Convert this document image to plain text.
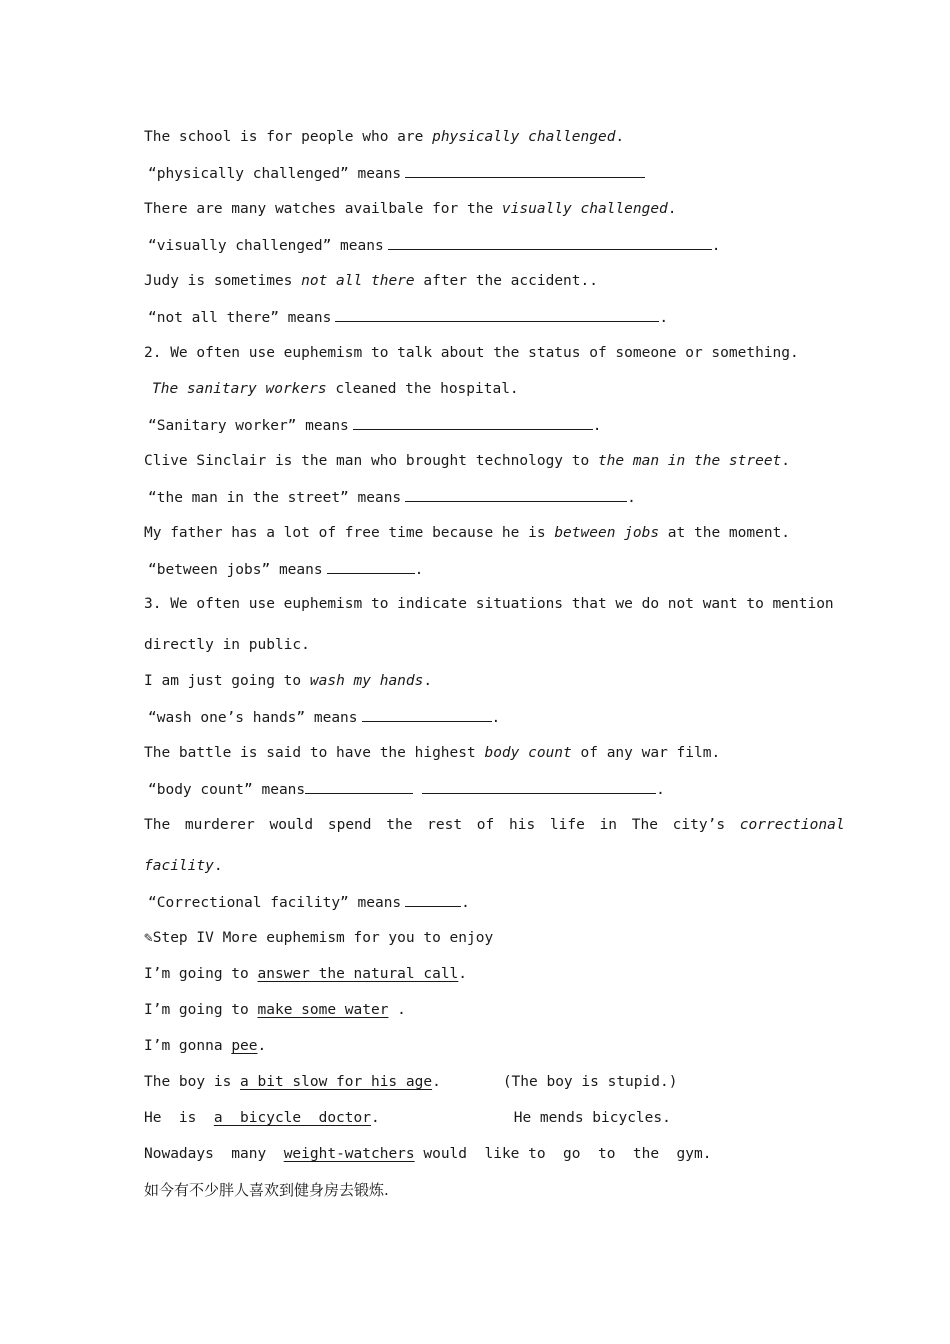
The school is for people who are physically challenged.
“physically challenged” means
There are many watches availbale for the visually challenged.
“visually challenged” means	.
Judy is sometimes not all there after the accident..
“not all there” means	.
2. We often use euphemism to talk about the status of someone or something.
The sanitary workers cleaned the hospital.
“Sanitary worker” means	.
Clive Sinclair is the man who brought technology to the man in the street.
“the man in the street” means	.
My father has a lot of free time because he is between jobs at the moment.
“between jobs” means	.
3. We often use euphemism to indicate situations that we do not want to mention
directly in public.
I am just going to wash my hands.
“wash one’s hands” means	.
The battle is said to have the highest body count of any war film.
“body count” means	.
The murderer would spend the rest of his life in The city’s correctional
facility.
“Correctional facility” means	.
✎Step IV More euphemism for you to enjoy
I’m going to answer the natural call.
I’m going to make some water .
I’m gonna pee.
The boy is a bit slow for his age.	(The boy is stupid.)
He  is  a  bicycle  doctor.	He mends bicycles.
Nowadays  many  weight-watchers would  like to  go  to  the  gym.
如今有不少胖人喜欢到健身房去锻炼.
